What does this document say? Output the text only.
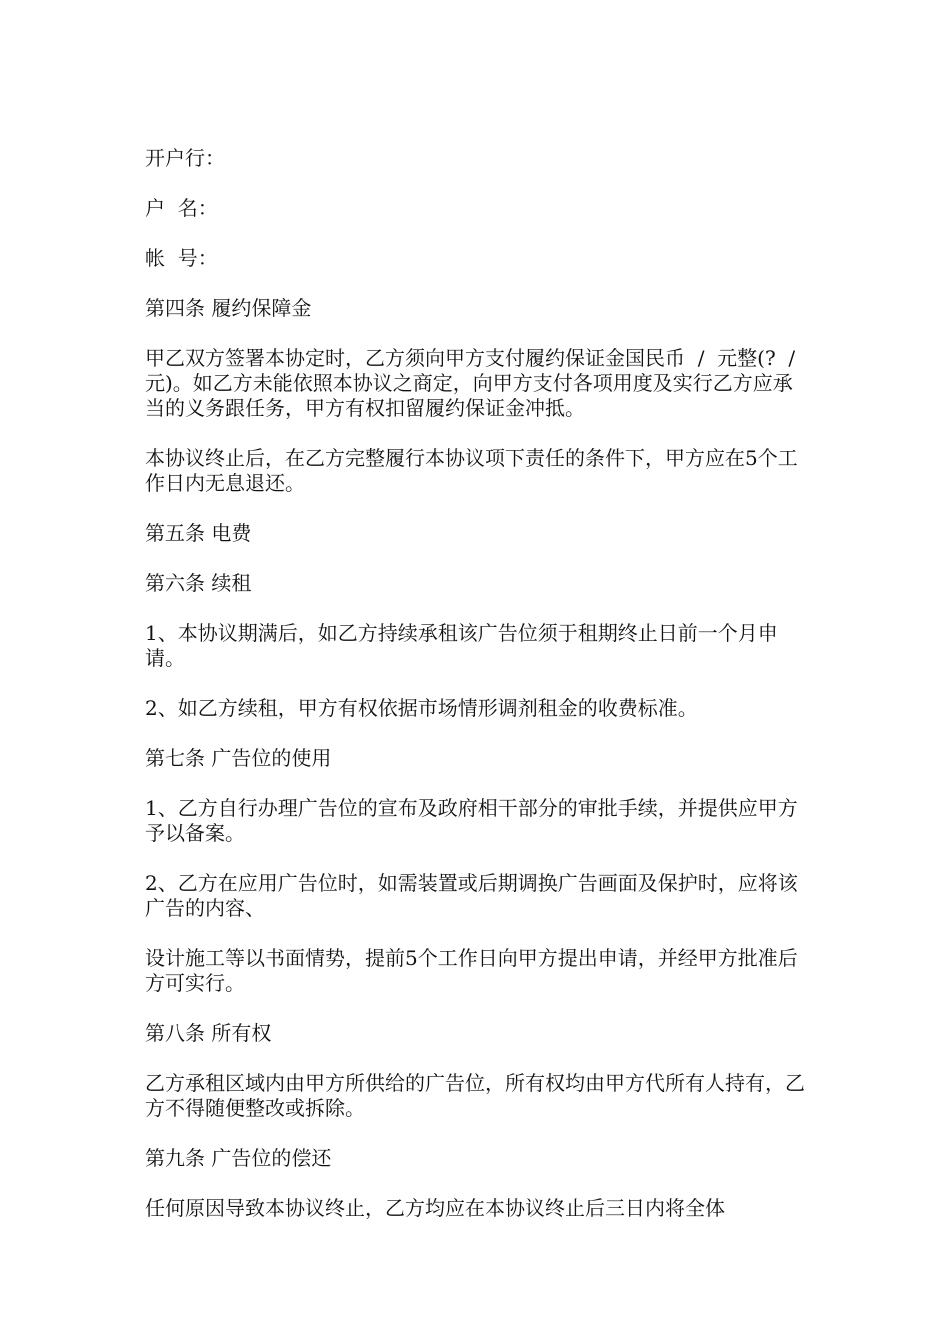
开户行：

户  名：

帐  号：

第四条 履约保障金

甲乙双方签署本协定时，乙方须向甲方支付履约保证金国民币  /  元整(?  /  元)。如乙方未能依照本协议之商定，向甲方支付各项用度及实行乙方应承当的义务跟任务，甲方有权扣留履约保证金冲抵。

本协议终止后，在乙方完整履行本协议项下责任的条件下，甲方应在5个工作日内无息退还。

第五条 电费

第六条 续租

1、本协议期满后，如乙方持续承租该广告位须于租期终止日前一个月申请。

2、如乙方续租，甲方有权依据市场情形调剂租金的收费标准。

第七条 广告位的使用

1、乙方自行办理广告位的宣布及政府相干部分的审批手续，并提供应甲方予以备案。

2、乙方在应用广告位时，如需装置或后期调换广告画面及保护时，应将该广告的内容、

设计施工等以书面情势，提前5个工作日向甲方提出申请，并经甲方批准后方可实行。

第八条 所有权

乙方承租区域内由甲方所供给的广告位，所有权均由甲方代所有人持有，乙方不得随便整改或拆除。

第九条 广告位的偿还

任何原因导致本协议终止，乙方均应在本协议终止后三日内将全体
